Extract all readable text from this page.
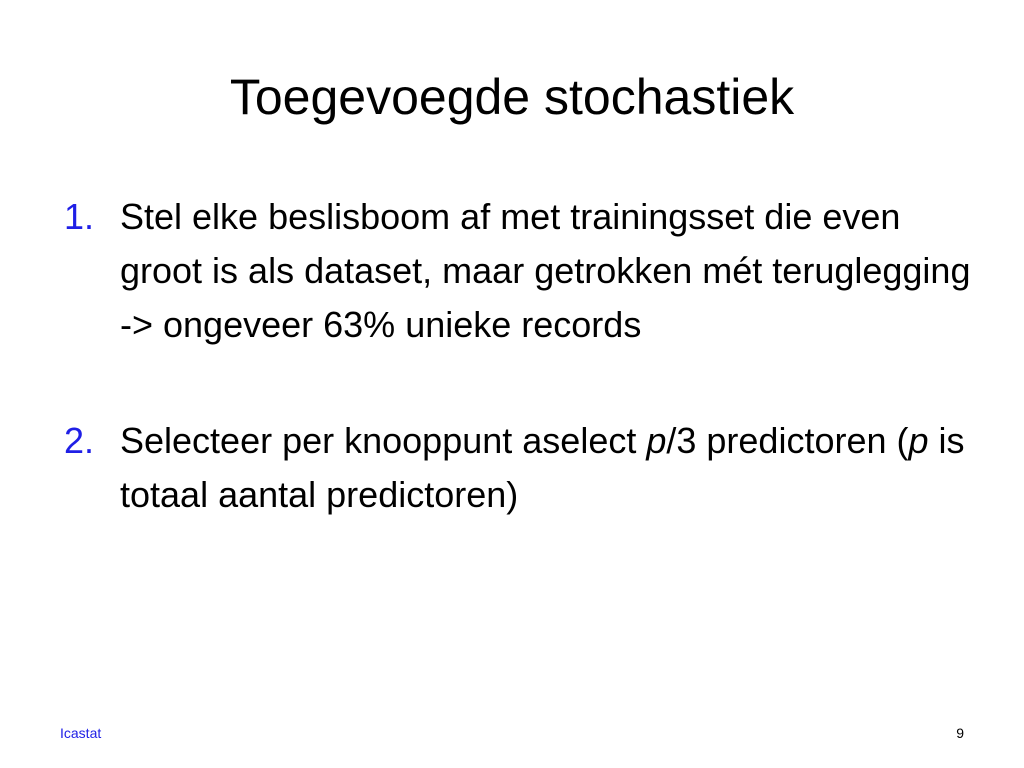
Toegevoegde stochastiek
1. Stel elke beslisboom af met trainingsset die even groot is als dataset, maar getrokken mét teruglegging -> ongeveer 63% unieke records
2. Selecteer per knooppunt aselect p/3 predictoren (p is totaal aantal predictoren)
Icastat	9
